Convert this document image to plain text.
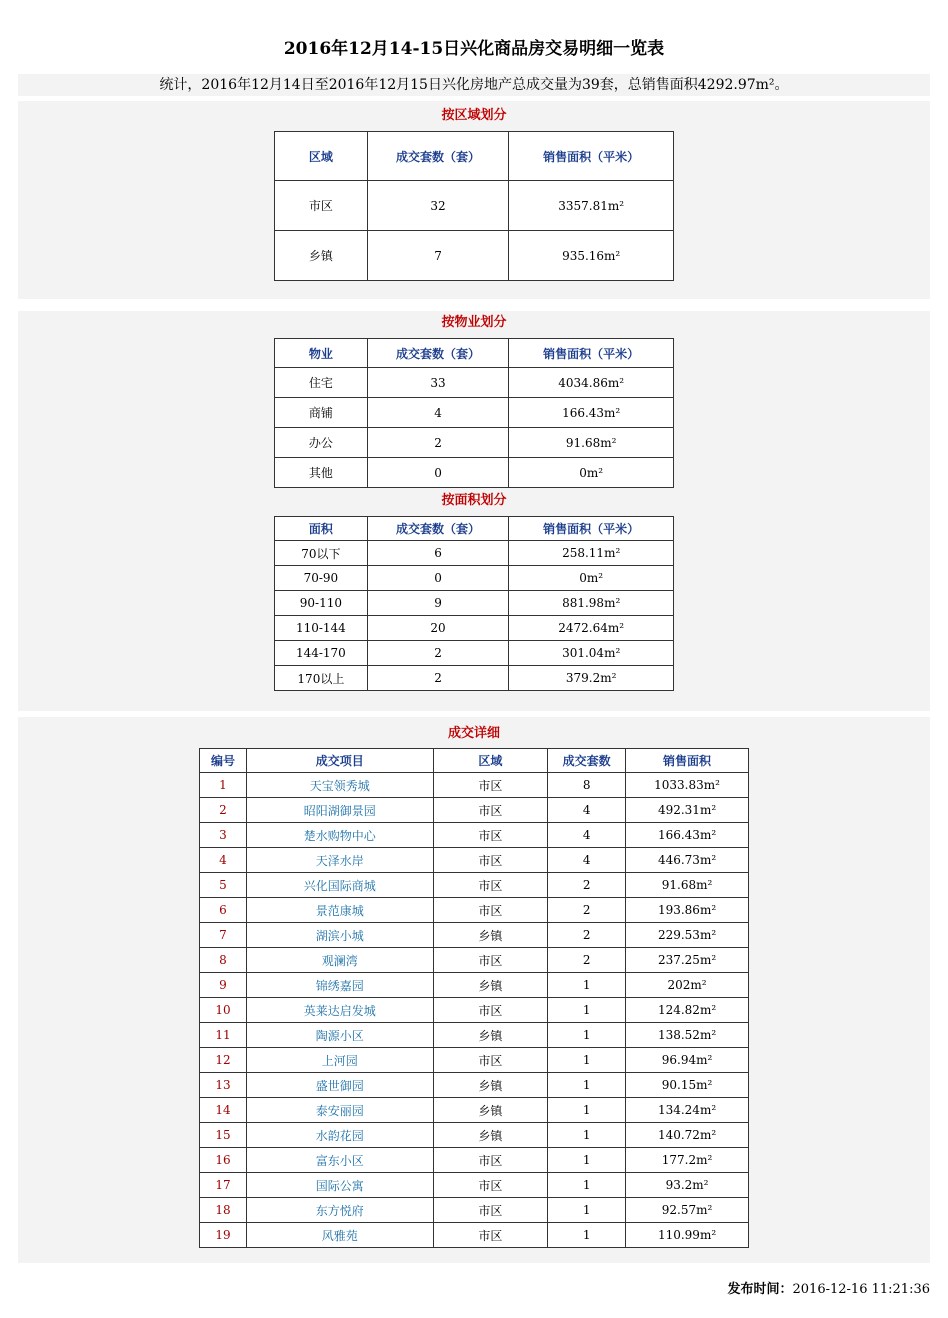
2016年12月14-15日兴化商品房交易明细一览表
统计，2016年12月14日至2016年12月15日兴化房地产总成交量为39套，总销售面积4292.97m²。
按区域划分
区域	成交套数（套）	销售面积（平米）
市区	32	3357.81m²
乡镇	7	935.16m²
按物业划分
物业	成交套数（套）	销售面积（平米）
住宅	33	4034.86m²
商铺	4	166.43m²
办公	2	91.68m²
其他	0	0m²
按面积划分
面积	成交套数（套）	销售面积（平米）
70以下	6	258.11m²
70-90	0	0m²
90-110	9	881.98m²
110-144	20	2472.64m²
144-170	2	301.04m²
170以上	2	379.2m²
成交详细
编号	成交项目	区域	成交套数	销售面积
1	天宝领秀城	市区	8	1033.83m²
2	昭阳湖御景园	市区	4	492.31m²
3	楚水购物中心	市区	4	166.43m²
4	天泽水岸	市区	4	446.73m²
5	兴化国际商城	市区	2	91.68m²
6	景范康城	市区	2	193.86m²
7	湖滨小城	乡镇	2	229.53m²
8	观澜湾	市区	2	237.25m²
9	锦绣嘉园	乡镇	1	202m²
10	英莱达启发城	市区	1	124.82m²
11	陶源小区	乡镇	1	138.52m²
12	上河园	市区	1	96.94m²
13	盛世御园	乡镇	1	90.15m²
14	泰安丽园	乡镇	1	134.24m²
15	水韵花园	乡镇	1	140.72m²
16	富东小区	市区	1	177.2m²
17	国际公寓	市区	1	93.2m²
18	东方悦府	市区	1	92.57m²
19	风雅苑	市区	1	110.99m²
发布时间：2016-12-16 11:21:36
